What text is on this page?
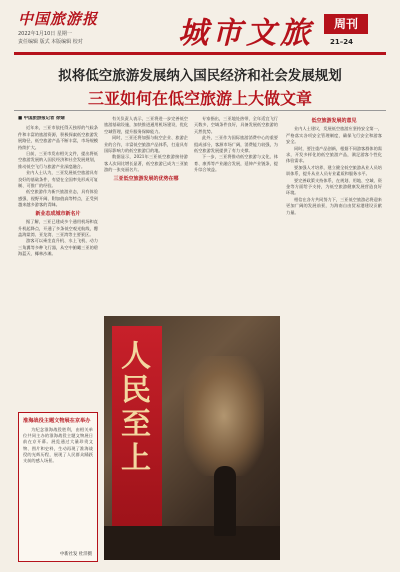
中国旅游报
2022年1月10日 星期一
责任编辑 版式 本版编辑 校对	城市文旅	周刊
21–24
拟将低空旅游发展纳入国民经济和社会发展规划
三亚如何在低空旅游上大做文章

■ 中国旅游报记者 徐婧

近年来，三亚市依托得天独厚的气候条件和丰富的旅游资源，积极探索低空旅游发展路径，低空旅游产品不断丰富，市场规模持续扩大。

日前，三亚市发布相关文件，提出将低空旅游发展纳入国民经济和社会发展规划，推动低空飞行与旅游产业深度融合。

业内人士认为，三亚发展低空旅游具有良好的基础条件，有望在全国率先形成可复制、可推广的经验。

低空旅游作为新兴旅游业态，具有体验感强、视野开阔、附加值高等特点，正受到越来越多游客的青睐。

新业态成城市新名片

据了解，三亚已建成多个通用机场和直升机起降点，开通了多条低空观光航线，覆盖海棠湾、亚龙湾、三亚湾等主要景区。

游客可以乘坐直升机、水上飞机、动力三角翼等多种飞行器，从空中俯瞰三亚的碧海蓝天、椰林沙滩。

有关负责人表示，三亚将进一步完善低空旅游基础设施，加快推进通用机场建设，优化空域管理，提升服务保障能力。

同时，三亚还将加强与航空企业、旅游企业的合作，丰富低空旅游产品体系，打造具有国际影响力的低空旅游目的地。

数据显示，2021年三亚低空旅游接待游客人次同比增长显著，低空旅游已成为三亚旅游的一张亮丽名片。

三亚低空旅游发展的优势在哪

专家指出，三亚地处热带，全年适宜飞行天数多，空域条件良好，具备发展低空旅游的天然优势。

此外，三亚作为国际旅游消费中心的重要组成部分，客源市场广阔，消费能力较强，为低空旅游发展提供了有力支撑。

下一步，三亚将推动低空旅游与文化、体育、康养等产业融合发展，延伸产业链条，提升综合效益。

低空旅游发展的意见

业内人士建议，发展低空旅游应坚持安全第一，严格落实各项安全管理制度，确保飞行安全和游客安全。

同时，要注重产品创新，根据不同游客群体的需求，开发多样化的低空旅游产品，满足游客个性化体验需求。

要加强人才培养，建立健全低空旅游从业人员培训体系，提升从业人员专业素质和服务水平。

要完善政策支持体系，在规划、用地、空域、资金等方面给予支持，为低空旅游健康发展营造良好环境。

相信在各方共同努力下，三亚低空旅游必将迎来更加广阔的发展前景，为海南自由贸易港建设贡献力量。

人民至上
淮海战役主题文物展在京举办

为纪念淮海战役胜利，由相关单位共同主办的淮海战役主题文物展日前在京开幕。展览通过大量珍贵文物、图片和史料，生动再现了淮海战役的光辉历程，展现了人民群众踊跃支前的感人场景。

中新社发 杜洋摄
